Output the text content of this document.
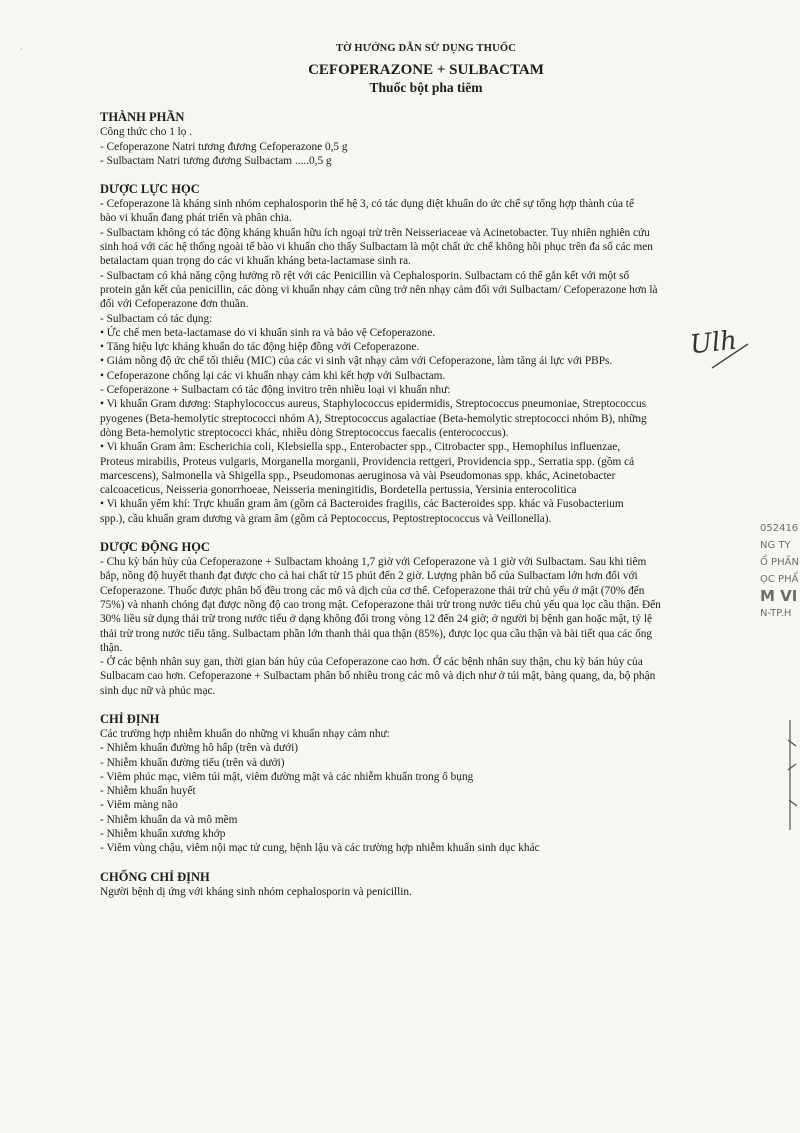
·	TỜ HƯỚNG DẪN SỬ DỤNG THUỐC
CEFOPERAZONE + SULBACTAM
Thuốc bột pha tiêm
THÀNH PHẦN
Công thức cho 1 lọ .
- Cefoperazone Natri tương đương Cefoperazone 0,5 g
- Sulbactam Natri tương đương Sulbactam .....0,5 g
DƯỢC LỰC HỌC
- Cefoperazone là kháng sinh nhóm cephalosporin thế hệ 3, có tác dụng diệt khuẩn do ức chế sự tổng hợp thành của tế
bào vi khuẩn đang phát triển và phân chia.
- Sulbactam không có tác động kháng khuẩn hữu ích ngoại trừ trên Neisseriaceae và Acinetobacter. Tuy nhiên nghiên cứu
sinh hoá với các hệ thống ngoài tế bào vi khuẩn cho thấy Sulbactam là một chất ức chế không hồi phục trên đa số các men
betalactam quan trọng do các vi khuẩn kháng beta-lactamase sinh ra.
- Sulbactam có khả năng cộng hưởng rõ rệt với các Penicillin và Cephalosporin. Sulbactam có thể gắn kết với một số
protein gắn kết của penicillin, các dòng vi khuẩn nhạy cảm cũng trở nên nhạy cảm đối với Sulbactam/ Cefoperazone hơn là
đối với Cefoperazone đơn thuần.
- Sulbactam có tác dụng:
• Ức chế men beta-lactamase do vi khuẩn sinh ra và bảo vệ Cefoperazone.
• Tăng hiệu lực kháng khuẩn do tác động hiệp đồng với Cefoperazone.
• Giảm nồng độ ức chế tối thiểu (MIC) của các vi sinh vật nhạy cảm với Cefoperazone, làm tăng ái lực với PBPs.
• Cefoperazone chống lại các vi khuẩn nhạy cảm khi kết hợp với Sulbactam.
- Cefoperazone + Sulbactam có tác động invitro trên nhiều loại vi khuẩn như:
• Vi khuẩn Gram dương: Staphylococcus aureus, Staphylococcus epidermidis, Streptococcus pneumoniae, Streptococcus
pyogenes (Beta-hemolytic streptococci nhóm A), Streptococcus agalactiae (Beta-hemolytic streptococci nhóm B), những
dòng Beta-hemolytic streptococci khác, nhiều dòng Streptococcus faecalis (enterococcus).
• Vi khuẩn Gram âm: Escherichia coli, Klebsiella spp., Enterobacter spp., Citrobacter spp., Hemophilus influenzae,
Proteus mirabilis, Proteus vulgaris, Morganella morganii, Providencia rettgeri, Providencia spp., Serratia spp. (gồm cả
marcescens), Salmonella và Shigella spp., Pseudomonas aeruginosa và vài Pseudomonas spp. khác, Acinetobacter
calcoaceticus, Neisseria gonorrhoeae, Neisseria meningitidis, Bordetella pertussia, Yersinia enterocolitica
• Vi khuẩn yếm khí: Trực khuẩn gram âm (gồm cả Bacteroides fragilis, các Bacteroides spp. khác và Fusobacterium
spp.), cầu khuẩn gram dương và gram âm (gồm cả Peptococcus, Peptostreptococcus và Veillonella).
DƯỢC ĐỘNG HỌC
- Chu kỳ bán hủy của Cefoperazone + Sulbactam khoảng 1,7 giờ với Cefoperazone và 1 giờ với Sulbactam. Sau khi tiêm
bắp, nồng độ huyết thanh đạt được cho cả hai chất từ 15 phút đến 2 giờ. Lượng phân bố của Sulbactam lớn hơn đối với
Cefoperazone. Thuốc được phân bố đều trong các mô và dịch của cơ thể. Cefoperazone thải trừ chủ yếu ở mật (70% đến
75%) và nhanh chóng đạt được nồng độ cao trong mật. Cefoperazone thải trừ trong nước tiểu chủ yếu qua lọc cầu thận. Đến
30% liều sử dụng thải trừ trong nước tiểu ở dạng không đổi trong vòng 12 đến 24 giờ; ở người bị bệnh gan hoặc mật, tỷ lệ
thải trừ trong nước tiểu tăng. Sulbactam phần lớn thanh thải qua thận (85%), được lọc qua cầu thận và bài tiết qua các ống
thận.
- Ở các bệnh nhân suy gan, thời gian bán hủy của Cefoperazone cao hơn. Ở các bệnh nhân suy thận, chu kỳ bán hủy của
Sulbacam cao hơn. Cefoperazone + Sulbactam phân bố nhiều trong các mô và dịch như ở túi mật, bàng quang, da, bộ phận
sinh dục nữ và phúc mạc.
CHỈ ĐỊNH
Các trường hợp nhiễm khuẩn do những vi khuẩn nhạy cảm như:
- Nhiễm khuẩn đường hô hấp (trên và dưới)
- Nhiễm khuẩn đường tiểu (trên và dưới)
- Viêm phúc mạc, viêm túi mật, viêm đường mật và các nhiễm khuẩn trong ổ bụng
- Nhiễm khuẩn huyết
- Viêm màng não
- Nhiễm khuẩn da và mô mềm
- Nhiễm khuẩn xương khớp
- Viêm vùng chậu, viêm nội mạc tử cung, bệnh lậu và các trường hợp nhiễm khuẩn sinh dục khác
CHỐNG CHỈ ĐỊNH
Người bệnh dị ứng với kháng sinh nhóm cephalosporin và penicillin.
Ulh
052416
NG TY
Ổ PHẦN
ỌC PHẨ
M VI
N-TP.H
